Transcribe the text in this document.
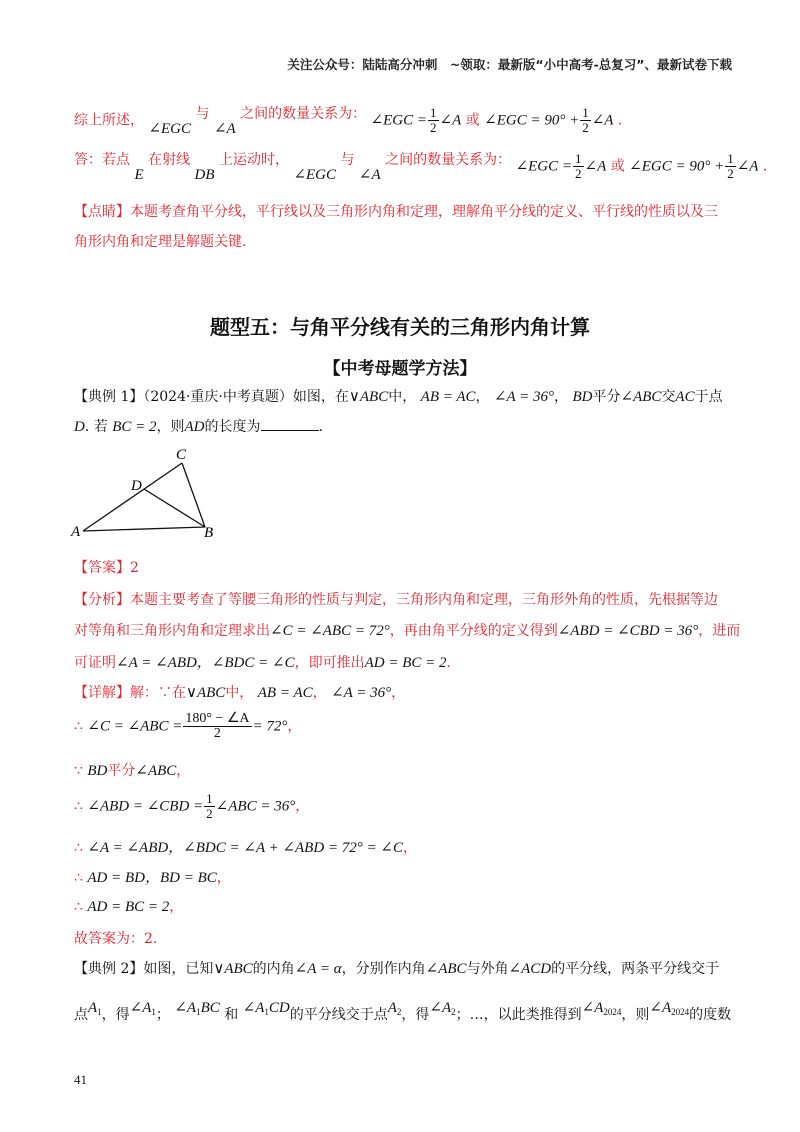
关注公众号：陆陆高分冲刺　~领取：最新版“小中高考-总复习”、最新试卷下载
综上所述， ∠EGC 与 ∠A 之间的数量关系为： ∠EGC = $\frac{1}{2}$ ∠A 或 ∠EGC = $90^\circ + \frac{1}{2}$ ∠A .
答：若点 E 在射线 DB 上运动时， ∠EGC 与 ∠A 之间的数量关系为： ∠EGC = $\frac{1}{2}$ ∠A 或 ∠EGC = $90^\circ + \frac{1}{2}$ ∠A .
【点睛】本题考查角平分线，平行线以及三角形内角和定理，理解角平分线的定义、平行线的性质以及三
角形内角和定理是解题关键.
题型五：与角平分线有关的三角形内角计算
【中考母题学方法】
【典例 1】（2024·重庆·中考真题）如图，在∨ABC中， AB = AC， ∠A = 36°， BD平分∠ABC交AC于点
D. 若 BC = 2，则AD的长度为	.
C
D
A	B
【答案】2
【分析】本题主要考查了等腰三角形的性质与判定，三角形内角和定理，三角形外角的性质，先根据等边
对等角和三角形内角和定理求出∠C = ∠ABC = 72°，再由角平分线的定义得到∠ABD = ∠CBD = 36°，进而
可证明∠A = ∠ABD，∠BDC = ∠C，即可推出AD = BC = 2.
【详解】解：∵在∨ABC中， AB = AC， ∠A = 36°，
∴ ∠C = ∠ABC = $\frac{180^\circ - \angle A}{2} = 72^\circ$，
∵ BD平分∠ABC，
∴ ∠ABD = ∠CBD = $\frac{1}{2}$ ∠ABC = 36°，
∴ ∠A = ∠ABD，∠BDC = ∠A + ∠ABD = 72° = ∠C，
∴ AD = BD，BD = BC，
∴ AD = BC = 2，
故答案为：2.
【典例 2】如图，已知∨ABC的内角∠A = α，分别作内角∠ABC与外角∠ACD的平分线，两条平分线交于
点$A_1$，得$\angle A_1$； $\angle A_1BC$ 和 $\angle A_1CD$的平分线交于点$A_2$，得$\angle A_2$；…，以此类推得到$\angle A_{2024}$，则$\angle A_{2024}$的度数
41
